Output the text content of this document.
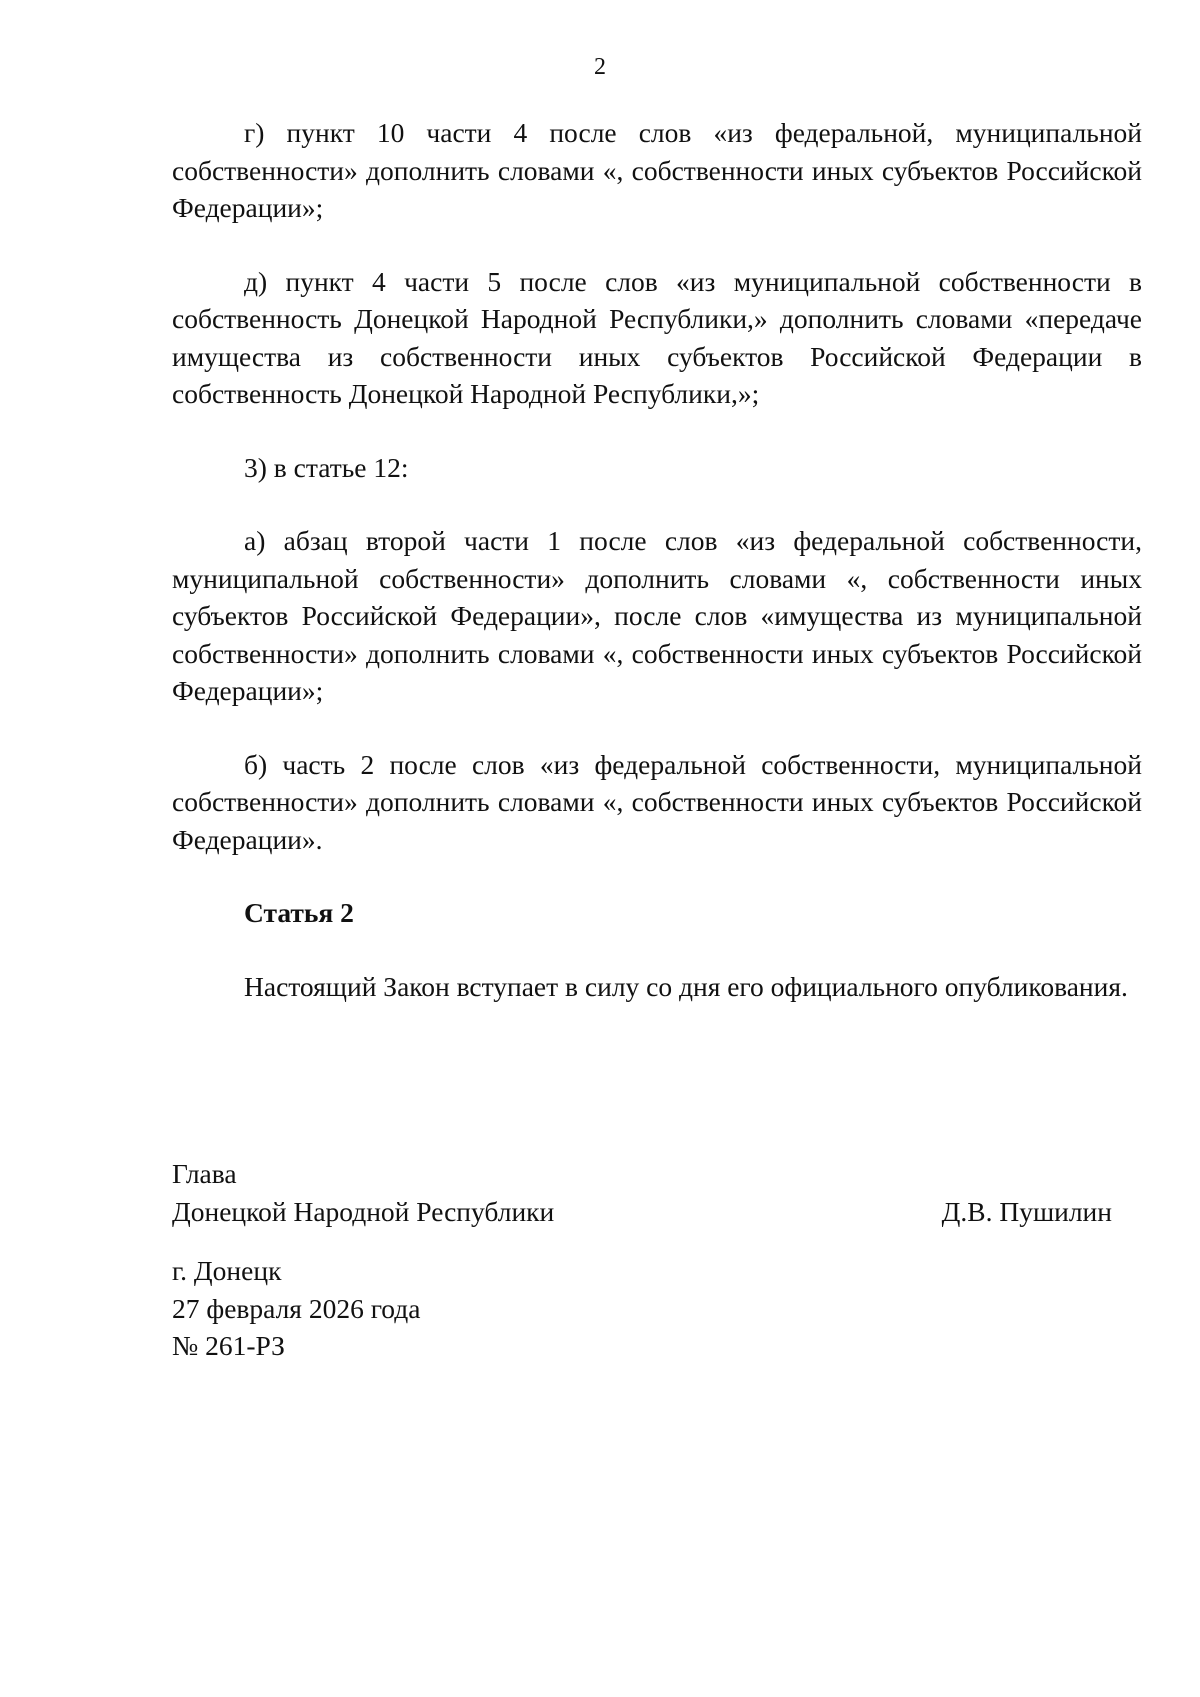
2

г) пункт 10 части 4 после слов «из федеральной, муниципальной собственности» дополнить словами «, собственности иных субъектов Российской Федерации»;

д) пункт 4 части 5 после слов «из муниципальной собственности в собственность Донецкой Народной Республики,» дополнить словами «передаче имущества из собственности иных субъектов Российской Федерации в собственность Донецкой Народной Республики,»;

3) в статье 12:

а) абзац второй части 1 после слов «из федеральной собственности, муниципальной собственности» дополнить словами «, собственности иных субъектов Российской Федерации», после слов «имущества из муниципальной собственности» дополнить словами «, собственности иных субъектов Российской Федерации»;

б) часть 2 после слов «из федеральной собственности, муниципальной собственности» дополнить словами «, собственности иных субъектов Российской Федерации».

Статья 2

Настоящий Закон вступает в силу со дня его официального опубликования.

Глава
Донецкой Народной Республики	Д.В. Пушилин
г. Донецк
27 февраля 2026 года
№ 261-РЗ
